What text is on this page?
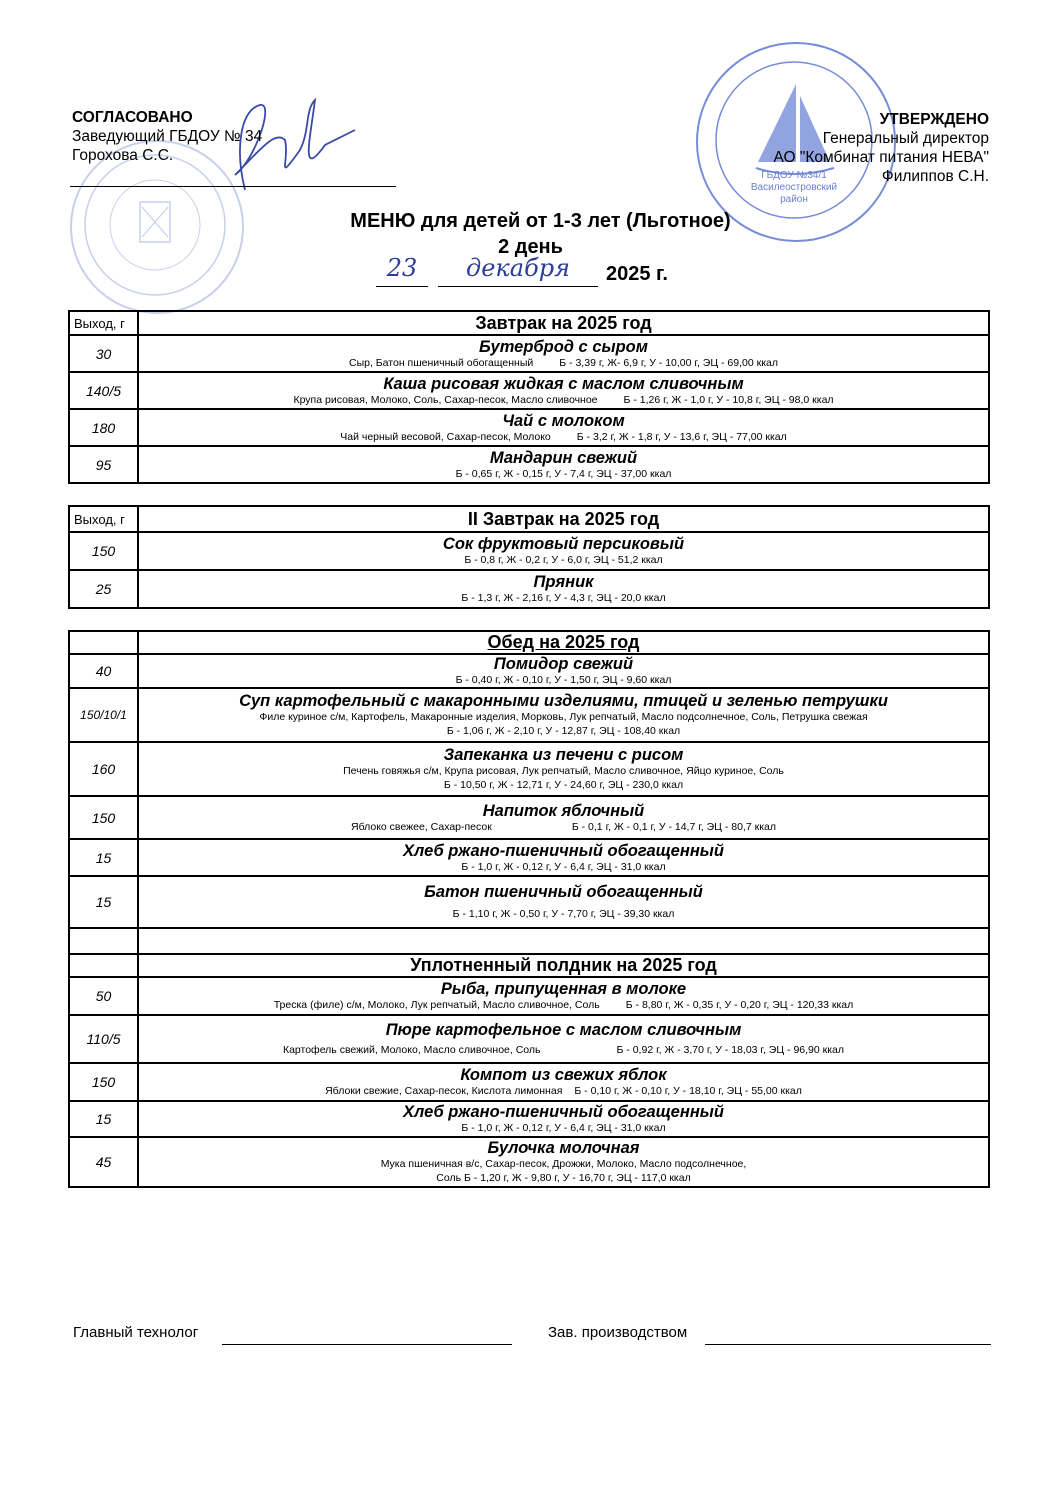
ГБДОУ №34/1
Василеостровский
район
СОГЛАСОВАНО
Заведующий ГБДОУ № 34
Горохова С.С.
УТВЕРЖДЕНО
Генеральный директор
АО "Комбинат питания НЕВА"
Филиппов С.Н.
МЕНЮ для детей от 1-3 лет (Льготное)
2 день
23	декабря	2025 г.
Выход, г	Завтрак на 2025 год
30	Бутерброд с сыром
Сыр, Батон пшеничный обогащенный Б - 3,39 г, Ж- 6,9 г, У - 10,00 г, ЭЦ - 69,00 ккал

140/5	Каша рисовая жидкая с маслом сливочным
Крупа рисовая, Молоко, Соль, Сахар-песок, Масло сливочное Б - 1,26 г, Ж - 1,0 г, У - 10,8 г, ЭЦ - 98,0 ккал

180	Чай с молоком
Чай черный весовой, Сахар-песок, Молоко Б - 3,2 г, Ж - 1,8 г, У - 13,6 г, ЭЦ - 77,00 ккал

95	Мандарин свежий
Б - 0,65 г, Ж - 0,15 г, У - 7,4 г, ЭЦ - 37,00 ккал
Выход, г	II Завтрак на 2025 год
150	Сок фруктовый персиковый
Б - 0,8 г, Ж - 0,2 г, У - 6,0 г, ЭЦ - 51,2 ккал

25	Пряник
Б - 1,3 г, Ж - 2,16 г, У - 4,3 г, ЭЦ - 20,0 ккал
	Обед на 2025 год
40	Помидор свежий
Б - 0,40 г, Ж - 0,10 г, У - 1,50 г, ЭЦ - 9,60 ккал

150/10/1	Суп картофельный с макаронными изделиями, птицей и зеленью петрушки
Филе куриное с/м, Картофель, Макаронные изделия, Морковь, Лук репчатый, Масло подсолнечное, Соль, Петрушка свежая
Б - 1,06 г, Ж - 2,10 г, У - 12,87 г, ЭЦ - 108,40 ккал

160	Запеканка из печени с рисом
Печень говяжья с/м, Крупа рисовая, Лук репчатый, Масло сливочное, Яйцо куриное, Соль
Б - 10,50 г, Ж - 12,71 г, У - 24,60 г, ЭЦ - 230,0 ккал

150	Напиток яблочный
Яблоко свежее, Сахар-песок Б - 0,1 г, Ж - 0,1 г, У - 14,7 г, ЭЦ - 80,7 ккал

15	Хлеб ржано-пшеничный обогащенный
Б - 1,0 г, Ж - 0,12 г, У - 6,4 г, ЭЦ - 31,0 ккал

15	Батон пшеничный обогащенный
Б - 1,10 г, Ж - 0,50 г, У - 7,70 г, ЭЦ - 39,30 ккал

	Уплотненный полдник на 2025 год
50	Рыба, припущенная в молоке
Треска (филе) с/м, Молоко, Лук репчатый, Масло сливочное, Соль Б - 8,80 г, Ж - 0,35 г, У - 0,20 г, ЭЦ - 120,33 ккал

110/5	Пюре картофельное с маслом сливочным
Картофель свежий, Молоко, Масло сливочное, Соль Б - 0,92 г, Ж - 3,70 г, У - 18,03 г, ЭЦ - 96,90 ккал

150	Компот из свежих яблок
Яблоки свежие, Сахар-песок, Кислота лимонная Б - 0,10 г, Ж - 0,10 г, У - 18,10 г, ЭЦ - 55,00 ккал

15	Хлеб ржано-пшеничный обогащенный
Б - 1,0 г, Ж - 0,12 г, У - 6,4 г, ЭЦ - 31,0 ккал

45	Булочка молочная
Мука пшеничная в/с, Сахар-песок, Дрожжи, Молоко, Масло подсолнечное,
Соль Б - 1,20 г, Ж - 9,80 г, У - 16,70 г, ЭЦ - 117,0 ккал
Главный технолог	Зав. производством
